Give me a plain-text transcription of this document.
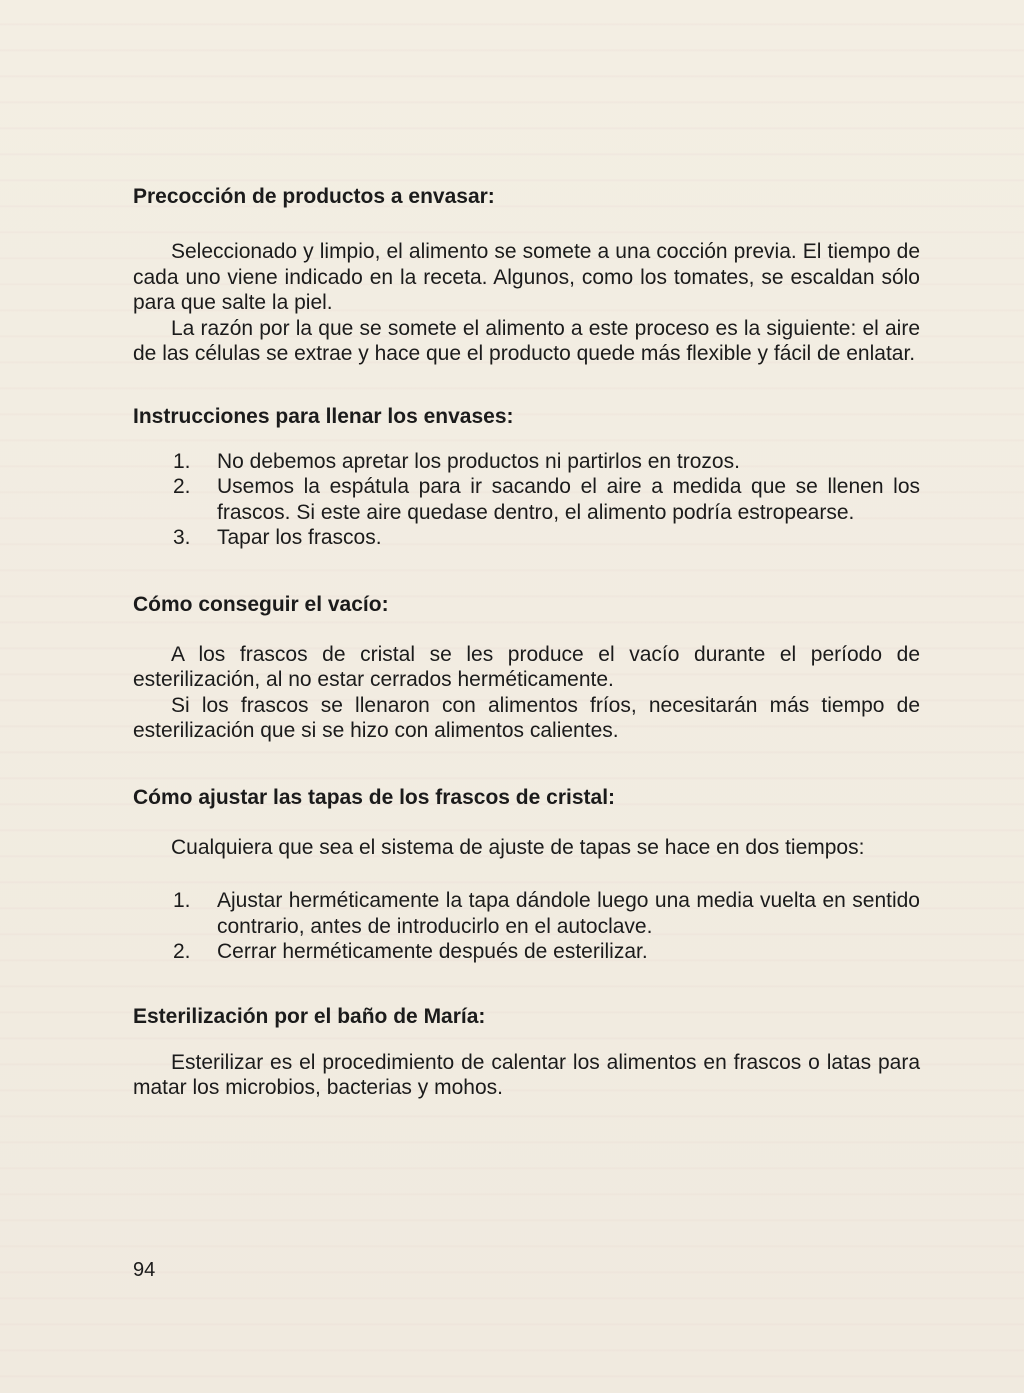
Precocción de productos a envasar:

Seleccionado y limpio, el alimento se somete a una cocción previa. El tiempo de cada uno viene indicado en la receta. Algunos, como los tomates, se escaldan sólo para que salte la piel.

La razón por la que se somete el alimento a este proceso es la siguiente: el aire de las células se extrae y hace que el producto quede más flexible y fácil de enlatar.

Instrucciones para llenar los envases:
1. No debemos apretar los productos ni partirlos en trozos.
2. Usemos la espátula para ir sacando el aire a medida que se llenen los frascos. Si este aire quedase dentro, el alimento podría estropearse.
3. Tapar los frascos.
Cómo conseguir el vacío:

A los frascos de cristal se les produce el vacío durante el período de esterilización, al no estar cerrados herméticamente.

Si los frascos se llenaron con alimentos fríos, necesitarán más tiempo de esterilización que si se hizo con alimentos calientes.

Cómo ajustar las tapas de los frascos de cristal:

Cualquiera que sea el sistema de ajuste de tapas se hace en dos tiempos:

1. Ajustar herméticamente la tapa dándole luego una media vuelta en sentido contrario, antes de introducirlo en el autoclave.
2. Cerrar herméticamente después de esterilizar.
Esterilización por el baño de María:

Esterilizar es el procedimiento de calentar los alimentos en frascos o latas para matar los microbios, bacterias y mohos.

94
